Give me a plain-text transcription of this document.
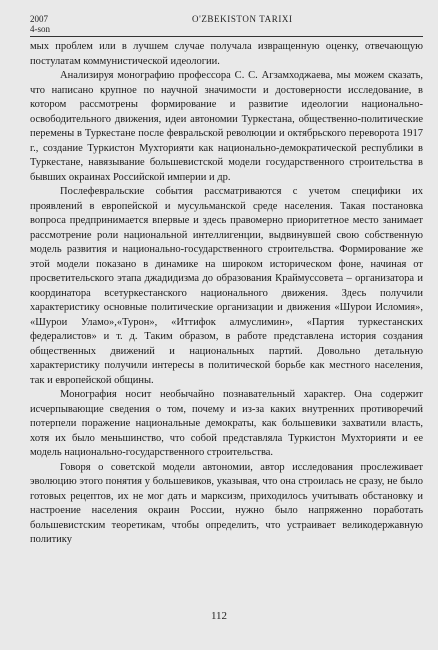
2007	O'ZBEKISTON TARIXI
4-son

мых проблем или в лучшем случае получала извращенную оценку, отвечающую постулатам коммунистической идеологии.

Анализируя монографию профессора С. С. Агзамходжаева, мы можем сказать, что написано крупное по научной значимости и достоверности исследование, в котором рассмотрены формирование и развитие идеологии национально-освободительного движения, идеи автономии Туркестана, общественно-политические перемены в Туркестане после февральской революции и октябрьского переворота 1917 г., создание Туркистон Мухторияти как национально-демократической республики в Туркестане, навязывание большевистской модели государственного строительства в бывших окраинах Российской империи и др.

Послефевральские события рассматриваются с учетом специфики их проявлений в европейской и мусульманской среде населения. Такая постановка вопроса предпринимается впервые и здесь правомерно приоритетное место занимает рассмотрение роли национальной интеллигенции, выдвинувшей свою собственную модель развития и национально-государственного строительства. Формирование же этой модели показано в динамике на широком историческом фоне, начиная от просветительского этапа джадидизма до образования Краймуссовета – организатора и координатора всетуркестанского национального движения. Здесь получили характеристику основные политические организации и движения «Шурои Исломия», «Шурои Уламо»,«Турон», «Иттифок алмуслимин», «Партия туркестанских федералистов» и т. д. Таким образом, в работе представлена история создания общественных движений и национальных партий. Довольно детальную характеристику получили интересы в политической борьбе как местного населения, так и европейской общины.

Монография носит необычайно познавательный характер. Она содержит исчерпывающие сведения о том, почему и из-за каких внутренних противоречий потерпели поражение национальные демократы, как большевики захватили власть, хотя их было меньшинство, что собой представляла Туркистон Мухторияти и ее модель национально-государственного строительства.

Говоря о советской модели автономии, автор исследования прослеживает эволюцию этого понятия у большевиков, указывая, что она строилась не сразу, не было готовых рецептов, их не мог дать и марксизм, приходилось учитывать обстановку и настроение населения окраин России, нужно было напряженно поработать большевистским теоретикам, чтобы определить, что устраивает великодержавную политику

112
